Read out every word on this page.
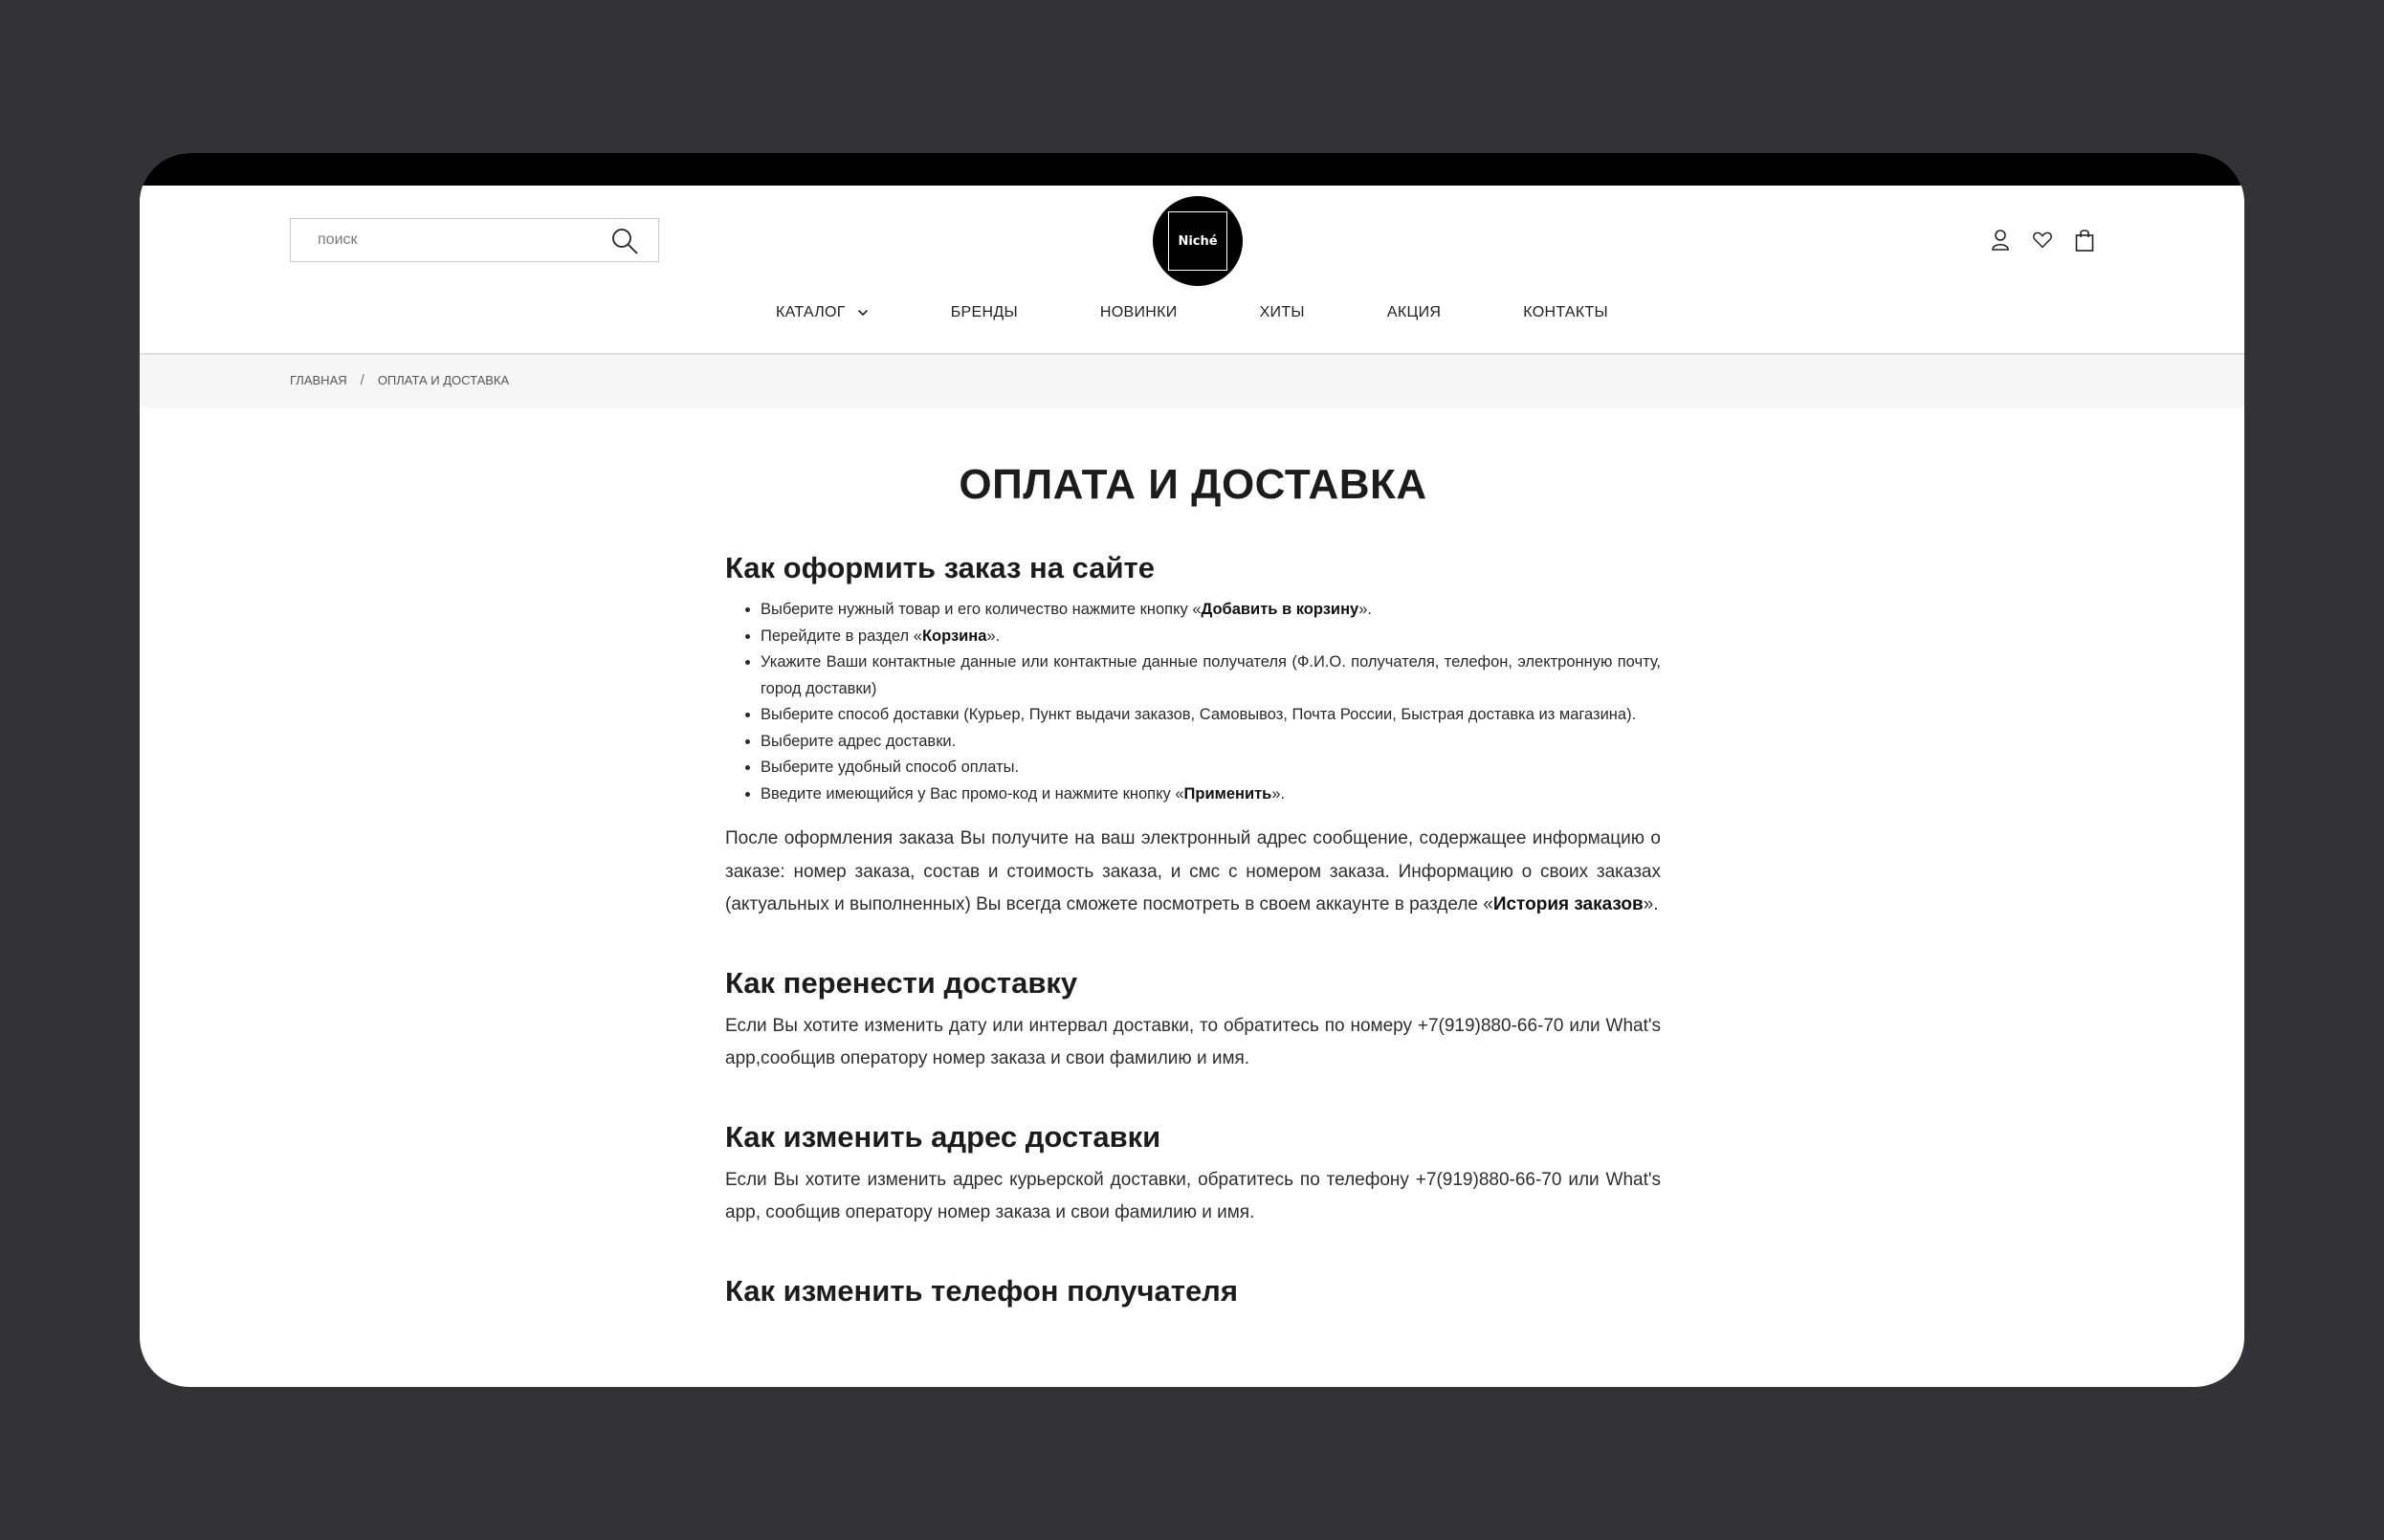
поиск
Niché
КАТАЛОГ	БРЕНДЫ	НОВИНКИ	ХИТЫ	АКЦИЯ	КОНТАКТЫ
ГЛАВНАЯ / ОПЛАТА И ДОСТАВКА
ОПЛАТА И ДОСТАВКА
Как оформить заказ на сайте
• Выберите нужный товар и его количество нажмите кнопку «Добавить в корзину».
• Перейдите в раздел «Корзина».
• Укажите Ваши контактные данные или контактные данные получателя (Ф.И.О. получателя, телефон, электронную почту, город доставки)
• Выберите способ доставки (Курьер, Пункт выдачи заказов, Самовывоз, Почта России, Быстрая доставка из магазина).
• Выберите адрес доставки.
• Выберите удобный способ оплаты.
• Введите имеющийся у Вас промо-код и нажмите кнопку «Применить».

После оформления заказа Вы получите на ваш электронный адрес сообщение, содержащее информацию о заказе: номер заказа, состав и стоимость заказа, и смс с номером заказа. Информацию о своих заказах (актуальных и выполненных) Вы всегда сможете посмотреть в своем аккаунте в разделе «История заказов».

Как перенести доставку

Если Вы хотите изменить дату или интервал доставки, то обратитесь по номеру +7(919)880-66-70 или What's app,сообщив оператору номер заказа и свои фамилию и имя.

Как изменить адрес доставки

Если Вы хотите изменить адрес курьерской доставки, обратитесь по телефону +7(919)880-66-70 или What's app, сообщив оператору номер заказа и свои фамилию и имя.

Как изменить телефон получателя
